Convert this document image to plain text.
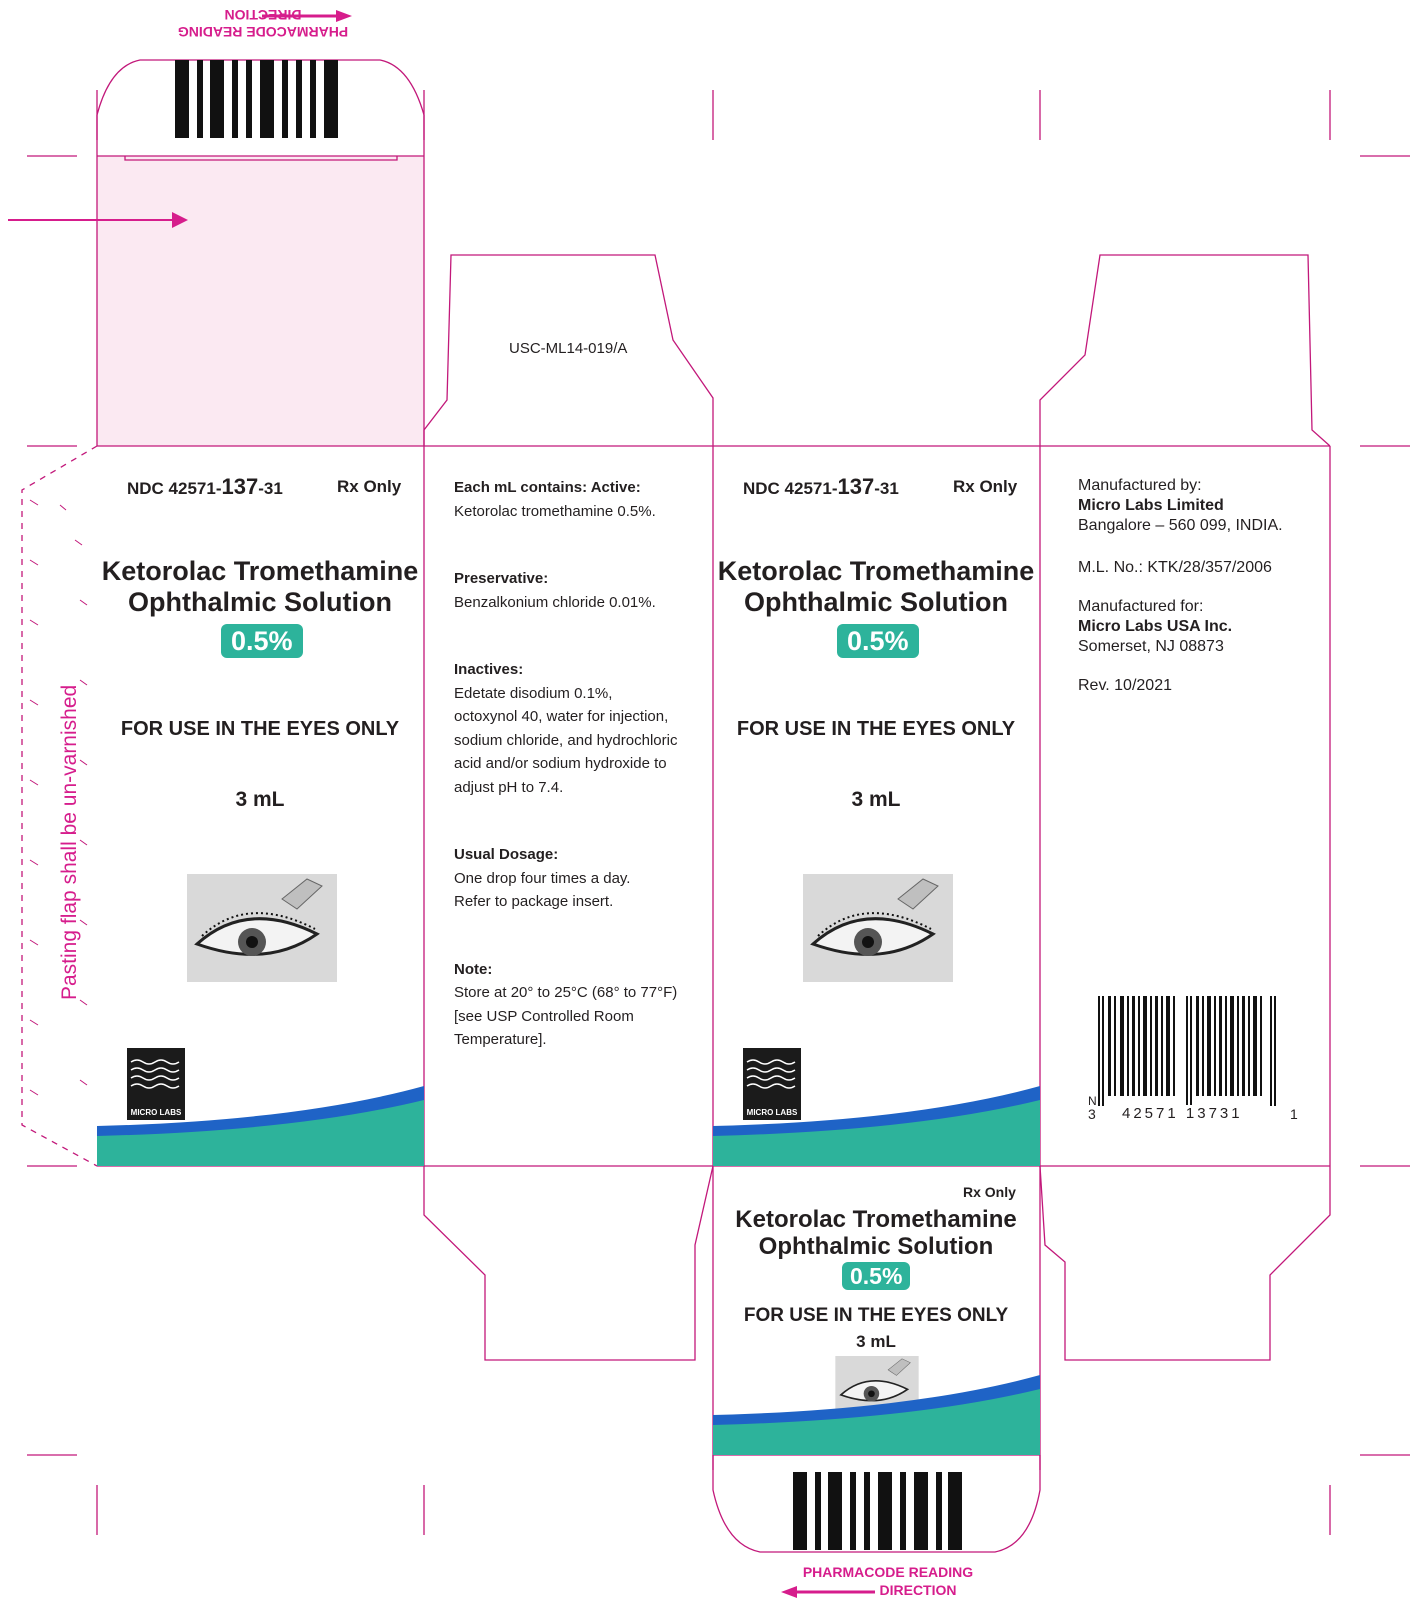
PHARMACODE READING
DIRECTION
PHARMACODE READING
DIRECTION
USC-ML14-019/A
Pasting flap shall be un-varnished
NDC 42571-137-31	Rx Only
Ketorolac Tromethamine
Ophthalmic Solution
0.5%
FOR USE IN THE EYES ONLY
3 mL
MICRO LABS
Each mL contains: Active:
Ketorolac tromethamine 0.5%.
Preservative:
Benzalkonium chloride 0.01%.
Inactives:
Edetate disodium 0.1%,
octoxynol 40, water for injection,
sodium chloride, and hydrochloric
acid and/or sodium hydroxide to
adjust pH to 7.4.
Usual Dosage:
One drop four times a day.
Refer to package insert.
Note:
Store at 20° to 25°C (68° to 77°F)
[see USP Controlled Room
Temperature].
NDC 42571-137-31	Rx Only
Ketorolac Tromethamine
Ophthalmic Solution
0.5%
FOR USE IN THE EYES ONLY
3 mL
MICRO LABS
Manufactured by:
Micro Labs Limited
Bangalore – 560 099, INDIA.
M.L. No.: KTK/28/357/2006
Manufactured for:
Micro Labs USA Inc.
Somerset, NJ 08873
Rev. 10/2021
N
3 42571 13731	1
Rx Only
Ketorolac Tromethamine
Ophthalmic Solution
0.5%
FOR USE IN THE EYES ONLY
3 mL
